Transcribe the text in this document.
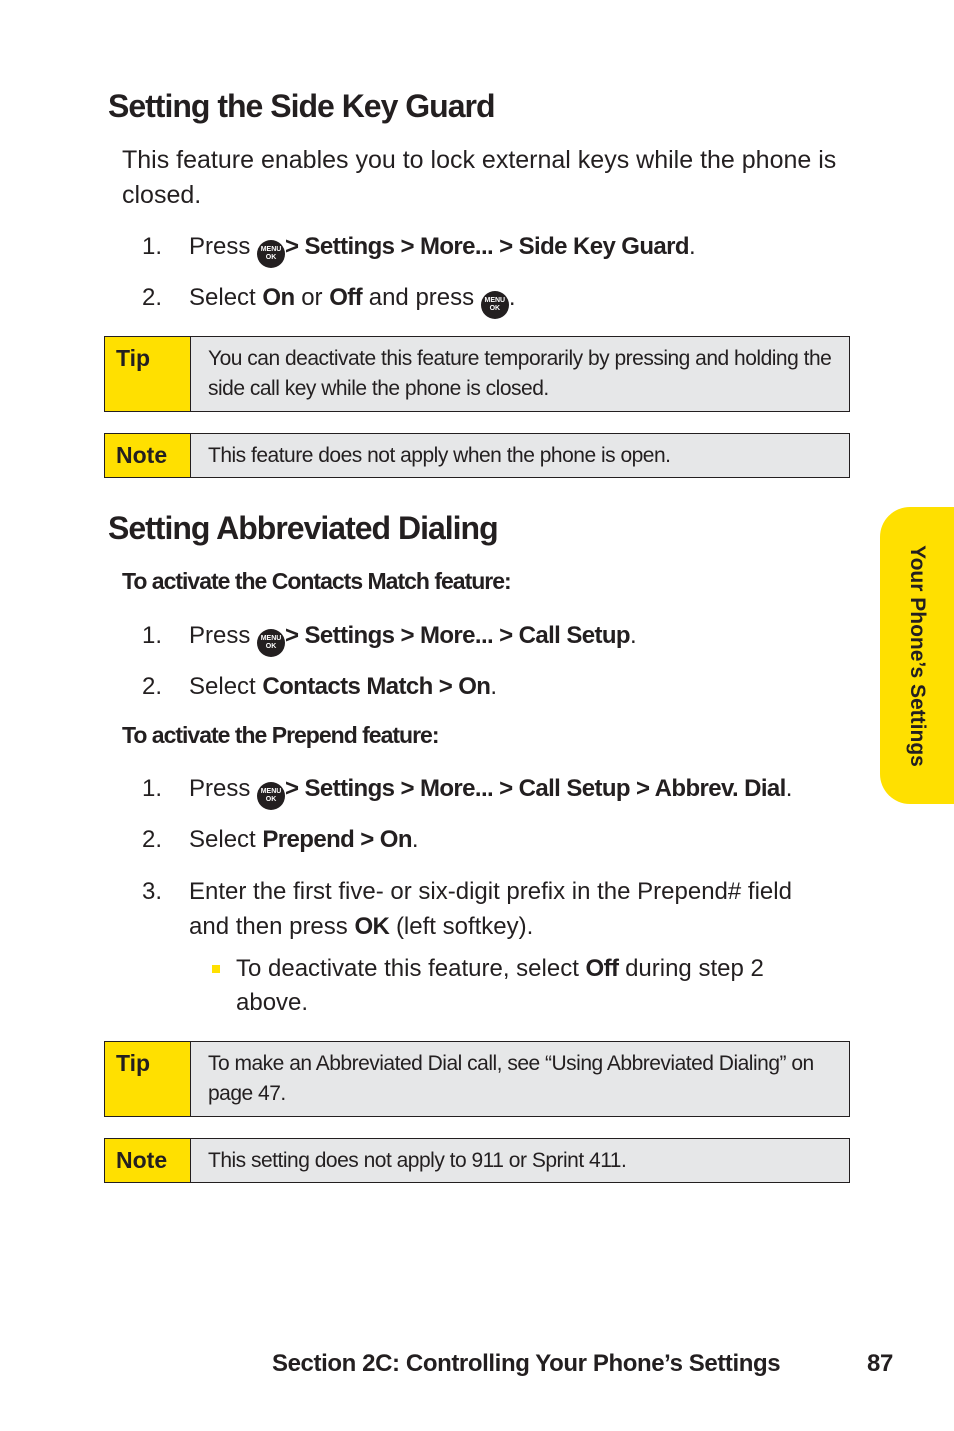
Setting the Side Key Guard
This feature enables you to lock external keys while the phone is closed.
1. Press MENU
OK > Settings > More... > Side Key Guard.
2. Select On or Off and press MENU
OK .
Tip	You can deactivate this feature temporarily by pressing and holding the side call key while the phone is closed.
Note	This feature does not apply when the phone is open.
Setting Abbreviated Dialing
To activate the Contacts Match feature:
1. Press MENU
OK > Settings > More... > Call Setup.
2. Select Contacts Match > On.
To activate the Prepend feature:
1. Press MENU
OK > Settings > More... > Call Setup > Abbrev. Dial.
2. Select Prepend > On.
3. Enter the first five- or six-digit prefix in the Prepend# field and then press OK (left softkey).
To deactivate this feature, select Off during step 2 above.
Tip	To make an Abbreviated Dial call, see “Using Abbreviated Dialing” on page 47.
Note	This setting does not apply to 911 or Sprint 411.
Your Phone’s Settings
Section 2C: Controlling Your Phone’s Settings	87
